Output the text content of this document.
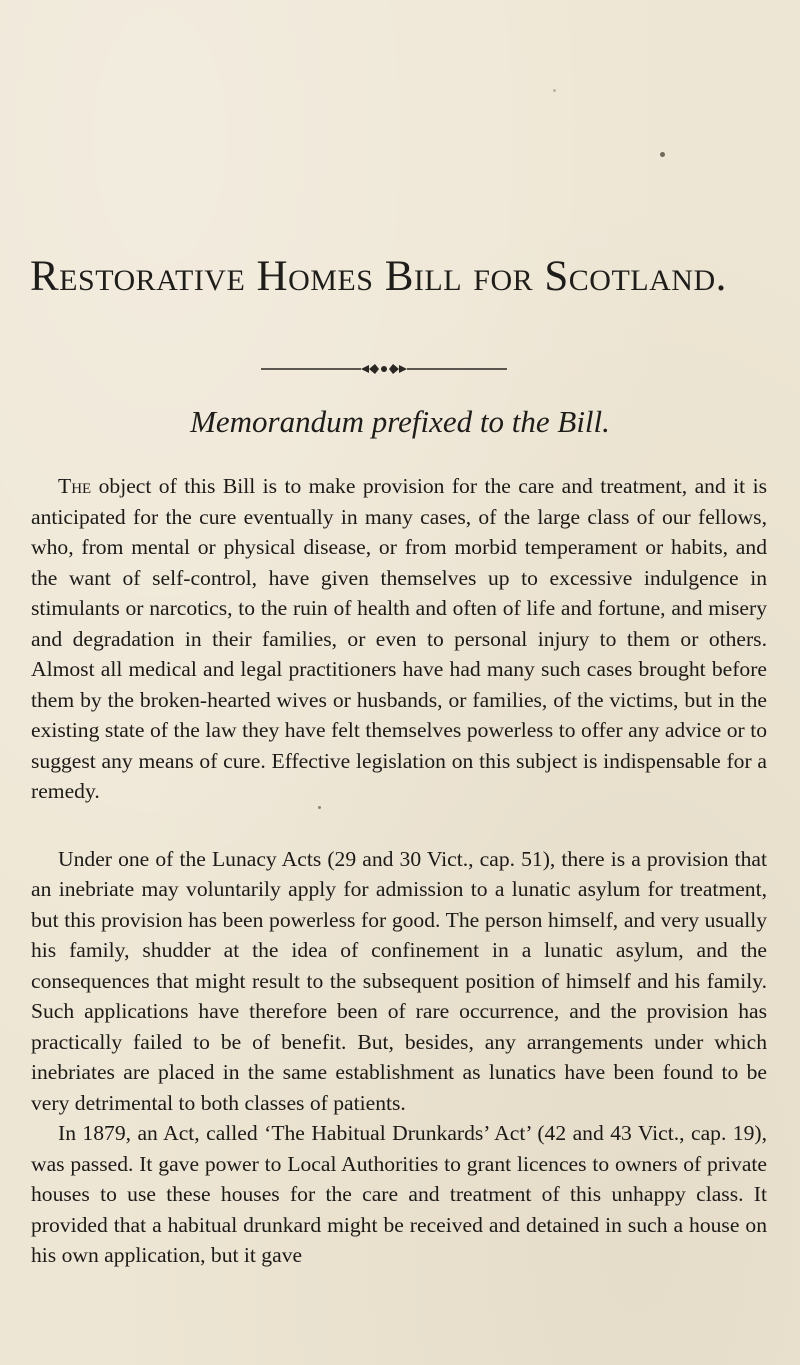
Restorative Homes Bill for Scotland.
Memorandum prefixed to the Bill.

The object of this Bill is to make provision for the care and treatment, and it is anticipated for the cure eventually in many cases, of the large class of our fellows, who, from mental or physical disease, or from morbid temperament or habits, and the want of self-control, have given themselves up to excessive indulgence in stimulants or narcotics, to the ruin of health and often of life and fortune, and misery and degradation in their families, or even to personal injury to them or others. Almost all medical and legal practitioners have had many such cases brought before them by the broken-hearted wives or husbands, or families, of the victims, but in the existing state of the law they have felt themselves powerless to offer any advice or to suggest any means of cure. Effective legislation on this subject is indispensable for a remedy.

Under one of the Lunacy Acts (29 and 30 Vict., cap. 51), there is a provision that an inebriate may voluntarily apply for admission to a lunatic asylum for treatment, but this provision has been powerless for good. The person himself, and very usually his family, shudder at the idea of confinement in a lunatic asylum, and the consequences that might result to the subsequent position of himself and his family. Such applications have therefore been of rare occurrence, and the provision has practically failed to be of benefit. But, besides, any arrangements under which inebriates are placed in the same establishment as lunatics have been found to be very detrimental to both classes of patients.

In 1879, an Act, called ‘The Habitual Drunkards’ Act’ (42 and 43 Vict., cap. 19), was passed. It gave power to Local Authorities to grant licences to owners of private houses to use these houses for the care and treatment of this unhappy class. It provided that a habitual drunkard might be received and detained in such a house on his own application, but it gave
